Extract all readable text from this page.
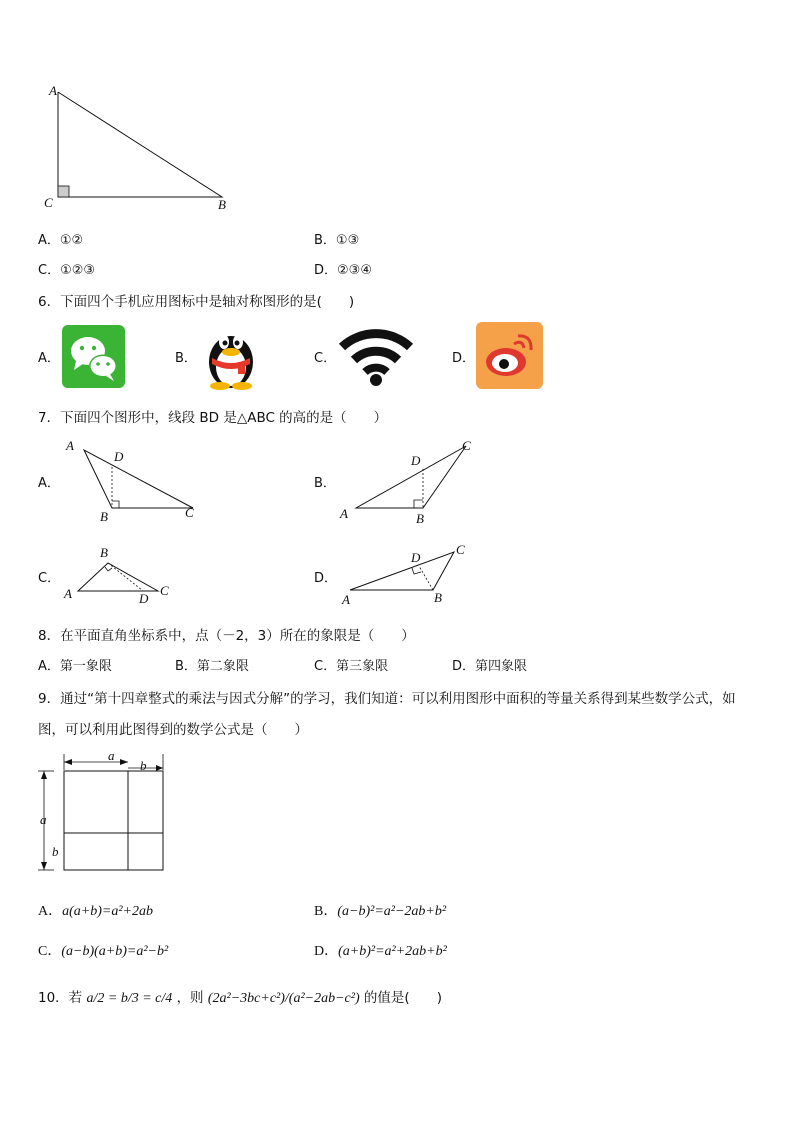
A
C	B
A．①②	B．①③
C．①②③	D．②③④
6．下面四个手机应用图标中是轴对称图形的是(　　)
A．	B．	C．	D．
7．下面四个图形中，线段 BD 是△ABC 的高的是（　　）
A．
A
D
B	C
B．
C
D
A	B
C．
B
A	D
C
D．
C
D
A	B
8．在平面直角坐标系中，点（－2，3）所在的象限是（　　）
A．第一象限	B．第二象限	C．第三象限	D．第四象限
9．通过“第十四章整式的乘法与因式分解”的学习，我们知道：可以利用图形中面积的等量关系得到某些数学公式，如
图，可以利用此图得到的数学公式是（　　）
a
b
a
b
A．a(a+b)=a²+2ab	B．(a−b)²=a²−2ab+b²
C．(a−b)(a+b)=a²−b²	D．(a+b)²=a²+2ab+b²
10．若 a/2 = b/3 = c/4 ，则 (2a²−3bc+c²)/(a²−2ab−c²) 的值是(　　)
